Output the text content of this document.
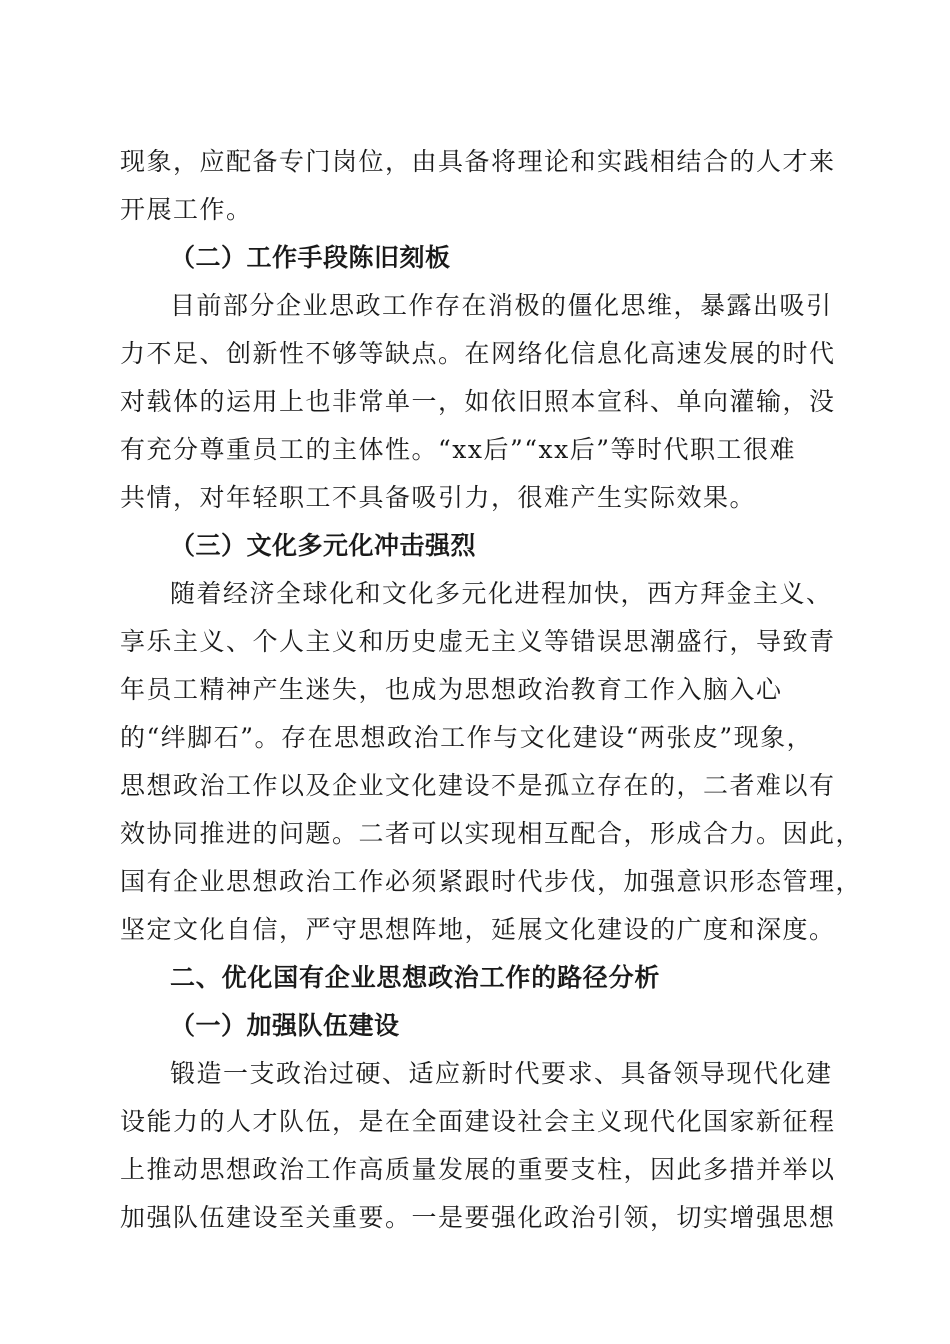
现象，应配备专门岗位，由具备将理论和实践相结合的人才来
开展工作。
（二）工作手段陈旧刻板
目前部分企业思政工作存在消极的僵化思维，暴露出吸引
力不足、创新性不够等缺点。在网络化信息化高速发展的时代
对载体的运用上也非常单一，如依旧照本宣科、单向灌输，没
有充分尊重员工的主体性。“xx后”“xx后”等时代职工很难
共情，对年轻职工不具备吸引力，很难产生实际效果。
（三）文化多元化冲击强烈
随着经济全球化和文化多元化进程加快，西方拜金主义、
享乐主义、个人主义和历史虚无主义等错误思潮盛行，导致青
年员工精神产生迷失，也成为思想政治教育工作入脑入心
的“绊脚石”。存在思想政治工作与文化建设“两张皮”现象，
思想政治工作以及企业文化建设不是孤立存在的，二者难以有
效协同推进的问题。二者可以实现相互配合，形成合力。因此，
国有企业思想政治工作必须紧跟时代步伐，加强意识形态管理，
坚定文化自信，严守思想阵地，延展文化建设的广度和深度。
二、优化国有企业思想政治工作的路径分析
（一）加强队伍建设
锻造一支政治过硬、适应新时代要求、具备领导现代化建
设能力的人才队伍，是在全面建设社会主义现代化国家新征程
上推动思想政治工作高质量发展的重要支柱，因此多措并举以
加强队伍建设至关重要。一是要强化政治引领，切实增强思想
